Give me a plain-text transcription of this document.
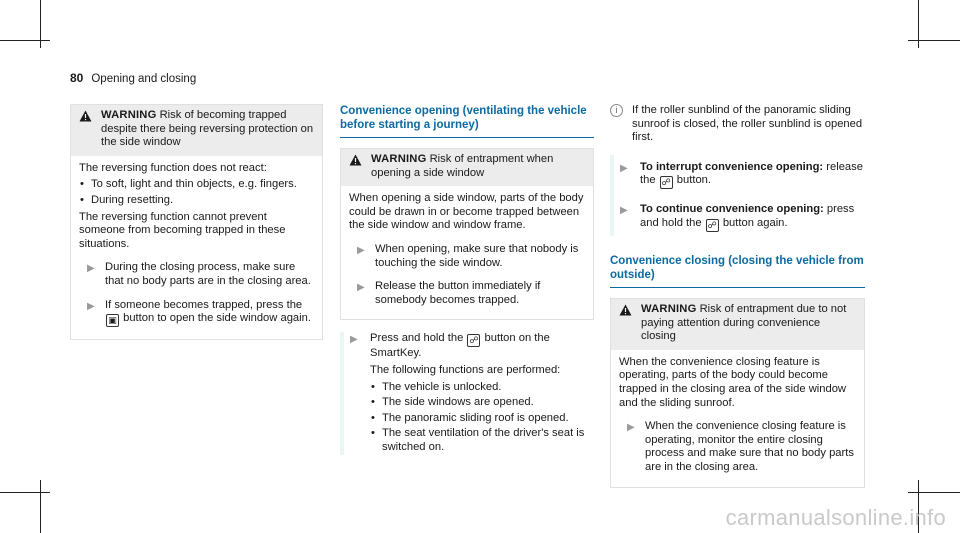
80 Opening and closing
WARNING Risk of becoming trapped despite there being reversing protection on the side window

The reversing function does not react:

• To soft, light and thin objects, e.g. fingers.
• During resetting.

The reversing function cannot prevent someone from becoming trapped in these situations.

▶ During the closing process, make sure that no body parts are in the closing area.
▶ If someone becomes trapped, press the
▣ button to open the side window again.
Convenience opening (ventilating the vehicle before starting a journey)
WARNING Risk of entrapment when opening a side window

When opening a side window, parts of the body could be drawn in or become trapped between the side window and window frame.

▶ When opening, make sure that nobody is touching the side window.
▶ Release the button immediately if somebody becomes trapped.
▶ Press and hold the ☍ button on the SmartKey.

The following functions are performed:

• The vehicle is unlocked.
• The side windows are opened.
• The panoramic sliding roof is opened.
• The seat ventilation of the driver's seat is switched on.
i	If the roller sunblind of the panoramic sliding sunroof is closed, the roller sunblind is opened first.
▶ To interrupt convenience opening: release the ☍ button.
▶ To continue convenience opening: press and hold the ☍ button again.
Convenience closing (closing the vehicle from outside)
WARNING Risk of entrapment due to not paying attention during convenience closing

When the convenience closing feature is operating, parts of the body could become trapped in the closing area of the side window and the sliding sunroof.

▶ When the convenience closing feature is operating, monitor the entire closing process and make sure that no body parts are in the closing area.
carmanualsonline.info
